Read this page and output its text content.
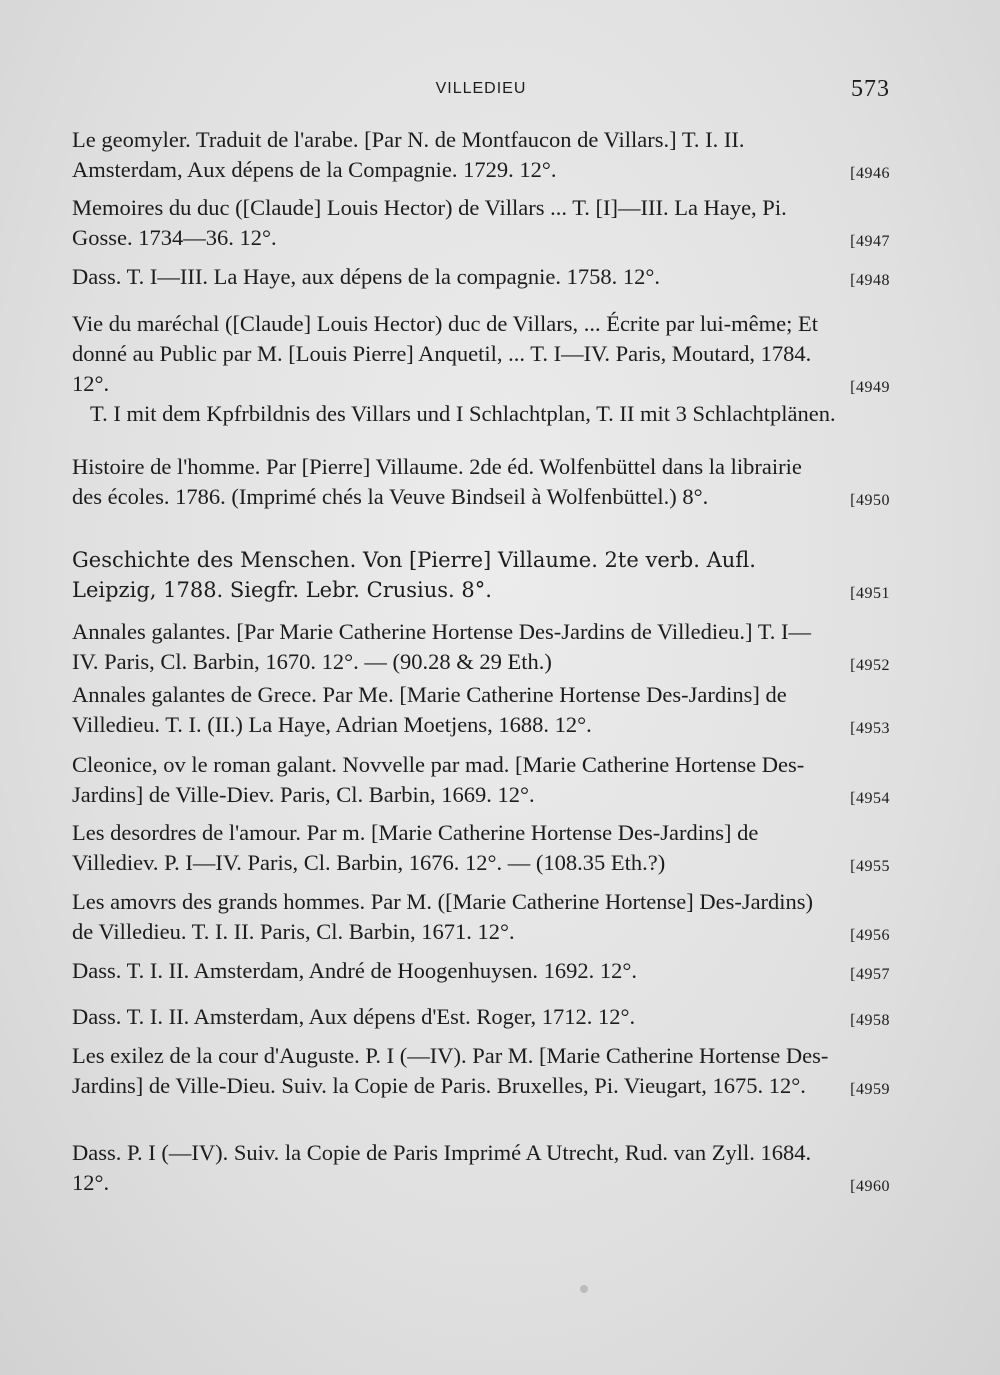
VILLEDIEU	573

Le geomyler. Traduit de l'arabe. [Par N. de Montfaucon de Villars.] T. I. II. Amsterdam, Aux dépens de la Compagnie. 1729. 12°.	[4946

Memoires du duc ([Claude] Louis Hector) de Villars ... T. [I]—III. La Haye, Pi. Gosse. 1734—36. 12°.	[4947

Dass. T. I—III. La Haye, aux dépens de la compagnie. 1758. 12°.	[4948

Vie du maréchal ([Claude] Louis Hector) duc de Villars, ... Écrite par lui-même; Et donné au Public par M. [Louis Pierre] Anquetil, ... T. I—IV. Paris, Moutard, 1784. 12°.	[4949

T. I mit dem Kpfrbildnis des Villars und I Schlachtplan, T. II mit 3 Schlachtplänen.

Histoire de l'homme. Par [Pierre] Villaume. 2de éd. Wolfenbüttel dans la librairie des écoles. 1786. (Imprimé chés la Veuve Bindseil à Wolfenbüttel.) 8°.	[4950

Geschichte des Menschen. Von [Pierre] Villaume. 2te verb. Aufl. Leipzig, 1788. Siegfr. Lebr. Crusius. 8°.	[4951

Annales galantes. [Par Marie Catherine Hortense Des-Jardins de Villedieu.] T. I—IV. Paris, Cl. Barbin, 1670. 12°. — (90.28 & 29 Eth.)	[4952

Annales galantes de Grece. Par Me. [Marie Catherine Hortense Des-Jardins] de Villedieu. T. I. (II.) La Haye, Adrian Moetjens, 1688. 12°.	[4953

Cleonice, ov le roman galant. Novvelle par mad. [Marie Catherine Hortense Des-Jardins] de Ville-Diev. Paris, Cl. Barbin, 1669. 12°.	[4954

Les desordres de l'amour. Par m. [Marie Catherine Hortense Des-Jardins] de Villediev. P. I—IV. Paris, Cl. Barbin, 1676. 12°. — (108.35 Eth.?)	[4955

Les amovrs des grands hommes. Par M. ([Marie Catherine Hortense] Des-Jardins) de Villedieu. T. I. II. Paris, Cl. Barbin, 1671. 12°.	[4956

Dass. T. I. II. Amsterdam, André de Hoogenhuysen. 1692. 12°.	[4957

Dass. T. I. II. Amsterdam, Aux dépens d'Est. Roger, 1712. 12°.	[4958

Les exilez de la cour d'Auguste. P. I (—IV). Par M. [Marie Catherine Hortense Des-Jardins] de Ville-Dieu. Suiv. la Copie de Paris. Bruxelles, Pi. Vieugart, 1675. 12°.	[4959

Dass. P. I (—IV). Suiv. la Copie de Paris Imprimé A Utrecht, Rud. van Zyll. 1684. 12°.	[4960
